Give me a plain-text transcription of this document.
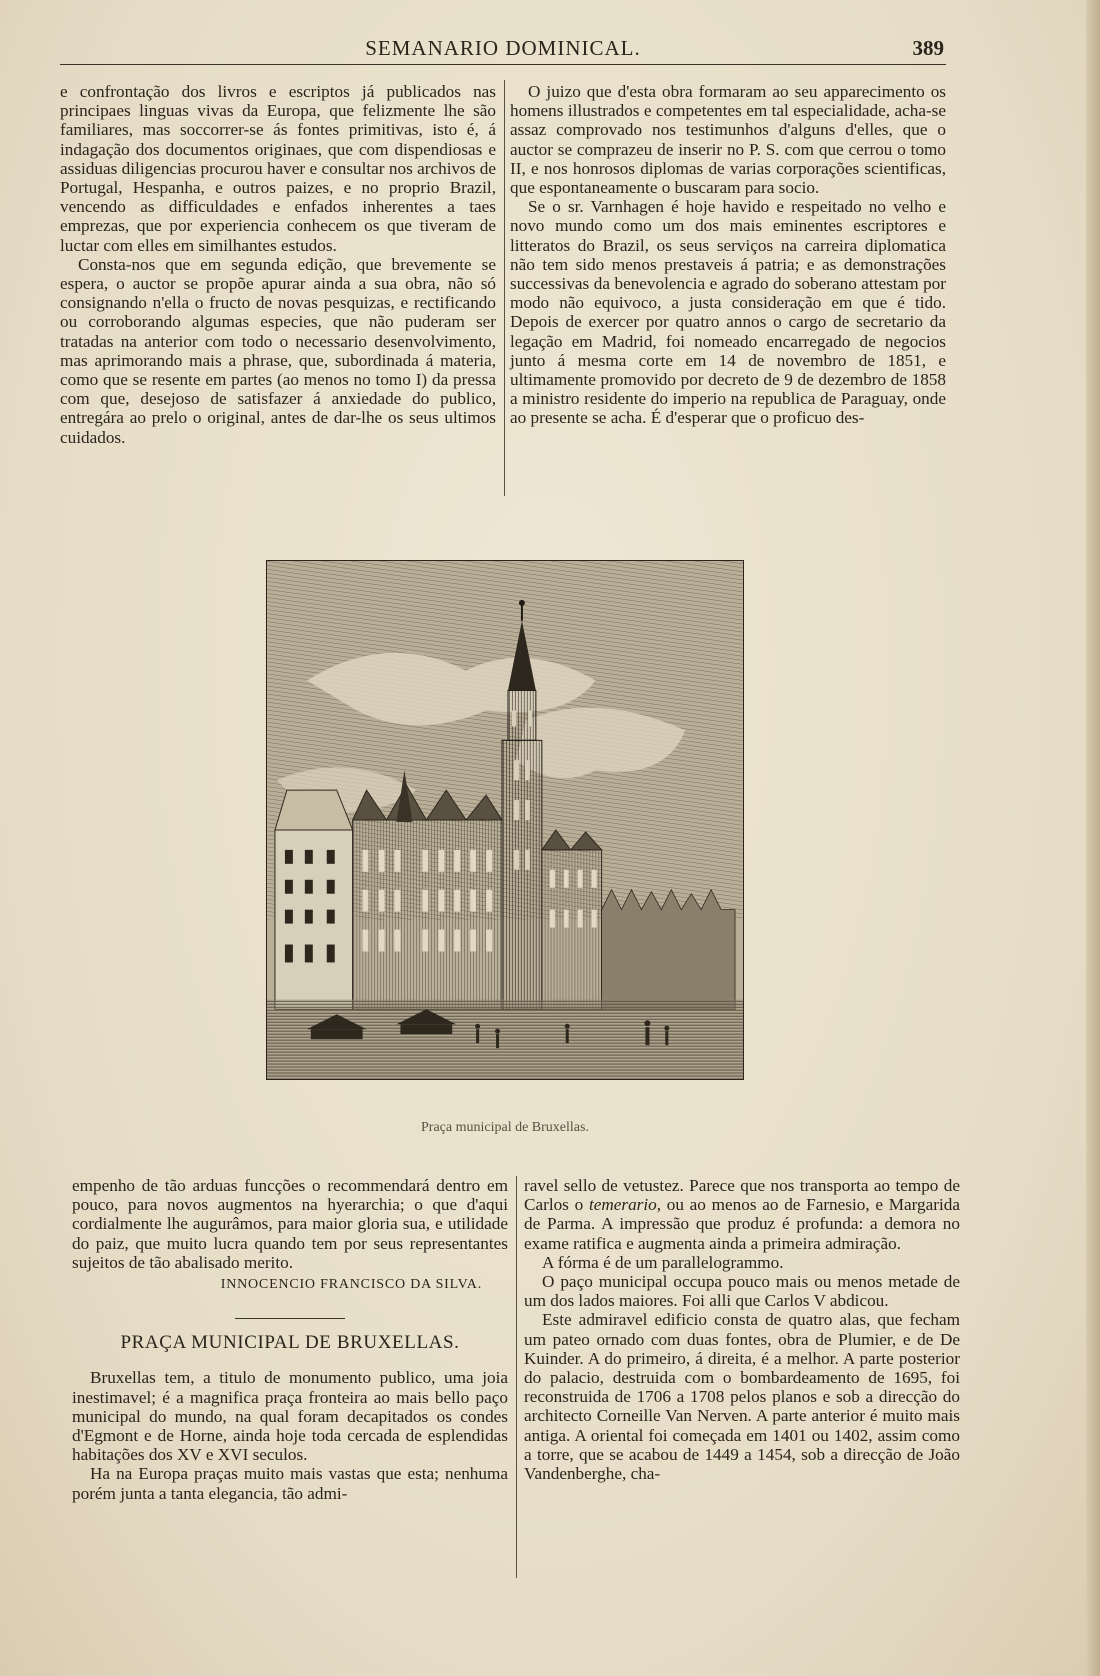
SEMANARIO DOMINICAL.	389

e confrontação dos livros e escriptos já publicados nas principaes linguas vivas da Europa, que felizmente lhe são familiares, mas soccorrer-se ás fontes primitivas, isto é, á indagação dos documentos originaes, que com dispendiosas e assiduas diligencias procurou haver e consultar nos archivos de Portugal, Hespanha, e outros paizes, e no proprio Brazil, vencendo as difficuldades e enfados inherentes a taes emprezas, que por experiencia conhecem os que tiveram de luctar com elles em similhantes estudos.

Consta-nos que em segunda edição, que brevemente se espera, o auctor se propõe apurar ainda a sua obra, não só consignando n'ella o fructo de novas pesquizas, e rectificando ou corroborando algumas especies, que não puderam ser tratadas na anterior com todo o necessario desenvolvimento, mas aprimorando mais a phrase, que, subordinada á materia, como que se resente em partes (ao menos no tomo I) da pressa com que, desejoso de satisfazer á anxiedade do publico, entregára ao prelo o original, antes de dar-lhe os seus ultimos cuidados.

O juizo que d'esta obra formaram ao seu apparecimento os homens illustrados e competentes em tal especialidade, acha-se assaz comprovado nos testimunhos d'alguns d'elles, que o auctor se comprazeu de inserir no P. S. com que cerrou o tomo II, e nos honrosos diplomas de varias corporações scientificas, que espontaneamente o buscaram para socio.

Se o sr. Varnhagen é hoje havido e respeitado no velho e novo mundo como um dos mais eminentes escriptores e litteratos do Brazil, os seus serviços na carreira diplomatica não tem sido menos prestaveis á patria; e as demonstrações successivas da benevolencia e agrado do soberano attestam por modo não equivoco, a justa consideração em que é tido. Depois de exercer por quatro annos o cargo de secretario da legação em Madrid, foi nomeado encarregado de negocios junto á mesma corte em 14 de novembro de 1851, e ultimamente promovido por decreto de 9 de dezembro de 1858 a ministro residente do imperio na republica de Paraguay, onde ao presente se acha. É d'esperar que o proficuo des-

Praça municipal de Bruxellas.

empenho de tão arduas funcções o recommendará dentro em pouco, para novos augmentos na hyerarchia; o que d'aqui cordialmente lhe augurâmos, para maior gloria sua, e utilidade do paiz, que muito lucra quando tem por seus representantes sujeitos de tão abalisado merito.

INNOCENCIO FRANCISCO DA SILVA.
PRAÇA MUNICIPAL DE BRUXELLAS.

Bruxellas tem, a titulo de monumento publico, uma joia inestimavel; é a magnifica praça fronteira ao mais bello paço municipal do mundo, na qual foram decapitados os condes d'Egmont e de Horne, ainda hoje toda cercada de esplendidas habitações dos XV e XVI seculos.

Ha na Europa praças muito mais vastas que esta; nenhuma porém junta a tanta elegancia, tão admi-

ravel sello de vetustez. Parece que nos transporta ao tempo de Carlos o temerario, ou ao menos ao de Farnesio, e Margarida de Parma. A impressão que produz é profunda: a demora no exame ratifica e augmenta ainda a primeira admiração.

A fórma é de um parallelogrammo.

O paço municipal occupa pouco mais ou menos metade de um dos lados maiores. Foi alli que Carlos V abdicou.

Este admiravel edificio consta de quatro alas, que fecham um pateo ornado com duas fontes, obra de Plumier, e de De Kuinder. A do primeiro, á direita, é a melhor. A parte posterior do palacio, destruida com o bombardeamento de 1695, foi reconstruida de 1706 a 1708 pelos planos e sob a direcção do architecto Corneille Van Nerven. A parte anterior é muito mais antiga. A oriental foi começada em 1401 ou 1402, assim como a torre, que se acabou de 1449 a 1454, sob a direcção de João Vandenberghe, cha-
